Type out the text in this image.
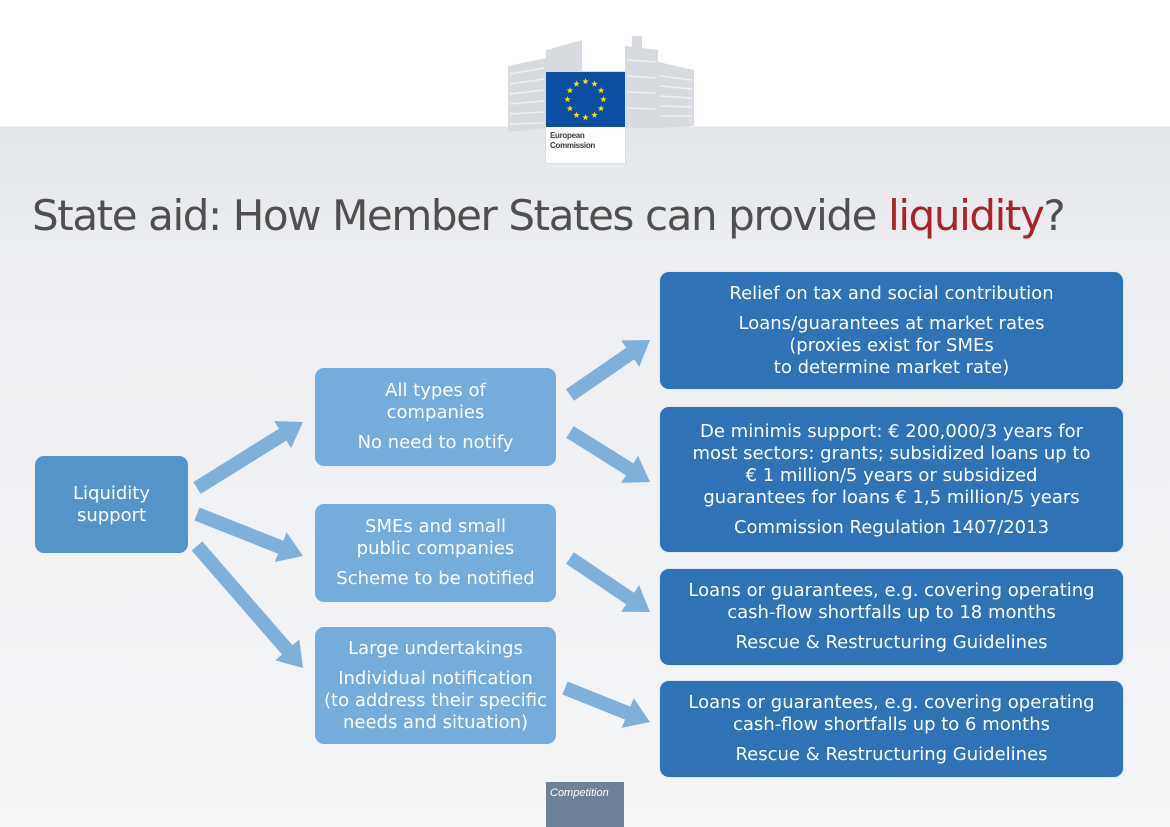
European
Commission
State aid: How Member States can provide liquidity?
Liquidity
support
All types of
companies
No need to notify
SMEs and small
public companies
Scheme to be notified
Large undertakings
Individual notification
(to address their specific
needs and situation)
Relief on tax and social contribution
Loans/guarantees at market rates
(proxies exist for SMEs
to determine market rate)
De minimis support: € 200,000/3 years for
most sectors: grants; subsidized loans up to
€ 1 million/5 years or subsidized
guarantees for loans € 1,5 million/5 years
Commission Regulation 1407/2013
Loans or guarantees, e.g. covering operating
cash-flow shortfalls up to 18 months
Rescue & Restructuring Guidelines
Loans or guarantees, e.g. covering operating
cash-flow shortfalls up to 6 months
Rescue & Restructuring Guidelines
Competition
